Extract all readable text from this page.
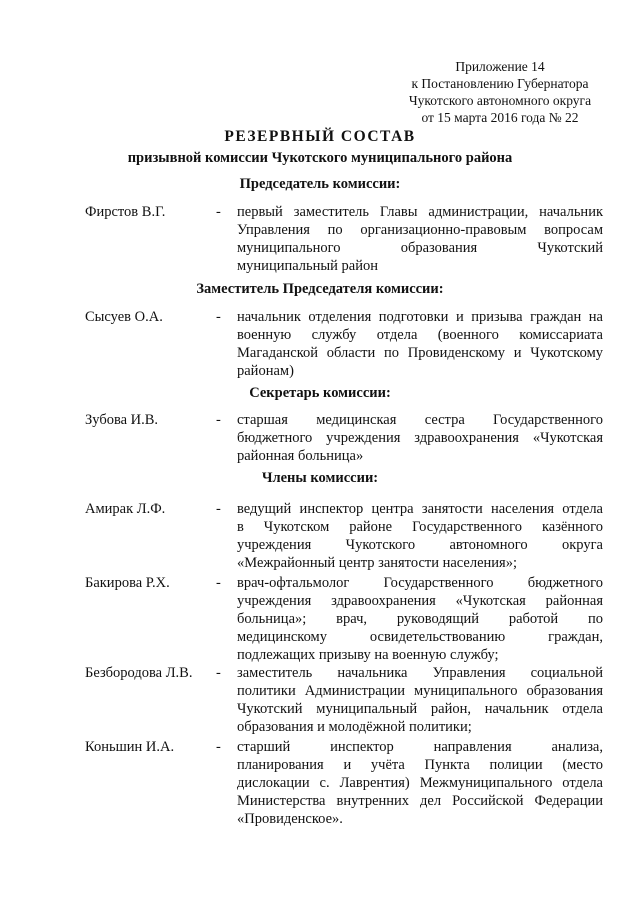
Приложение 14
к Постановлению Губернатора
Чукотского автономного округа
от 15 марта 2016 года № 22
РЕЗЕРВНЫЙ СОСТАВ
призывной комиссии Чукотского муниципального района
Председатель комиссии:
Фирстов В.Г.	- первый заместитель Главы администрации, начальник
Управления по организационно-правовым вопросам
муниципального образования Чукотский
муниципальный район
Заместитель Председателя комиссии:
Сысуев О.А.	- начальник отделения подготовки и призыва граждан на
военную службу отдела (военного комиссариата
Магаданской области по Провиденскому и Чукотскому
районам)
Секретарь комиссии:
Зубова И.В.	- старшая медицинская сестра Государственного
бюджетного учреждения здравоохранения «Чукотская
районная больница»
Члены комиссии:
Амирак Л.Ф.	- ведущий инспектор центра занятости населения отдела
в Чукотском районе Государственного казённого
учреждения Чукотского автономного округа
«Межрайонный центр занятости населения»;
Бакирова Р.Х.	- врач-офтальмолог Государственного бюджетного
учреждения здравоохранения «Чукотская районная
больница»; врач, руководящий работой по
медицинскому освидетельствованию граждан,
подлежащих призыву на военную службу;
Безбородова Л.В. - заместитель начальника Управления социальной
политики Администрации муниципального образования
Чукотский муниципальный район, начальник отдела
образования и молодёжной политики;
Коньшин И.А.	- старший инспектор направления анализа,
планирования и учёта Пункта полиции (место
дислокации с. Лаврентия) Межмуниципального отдела
Министерства внутренних дел Российской Федерации
«Провиденское».
